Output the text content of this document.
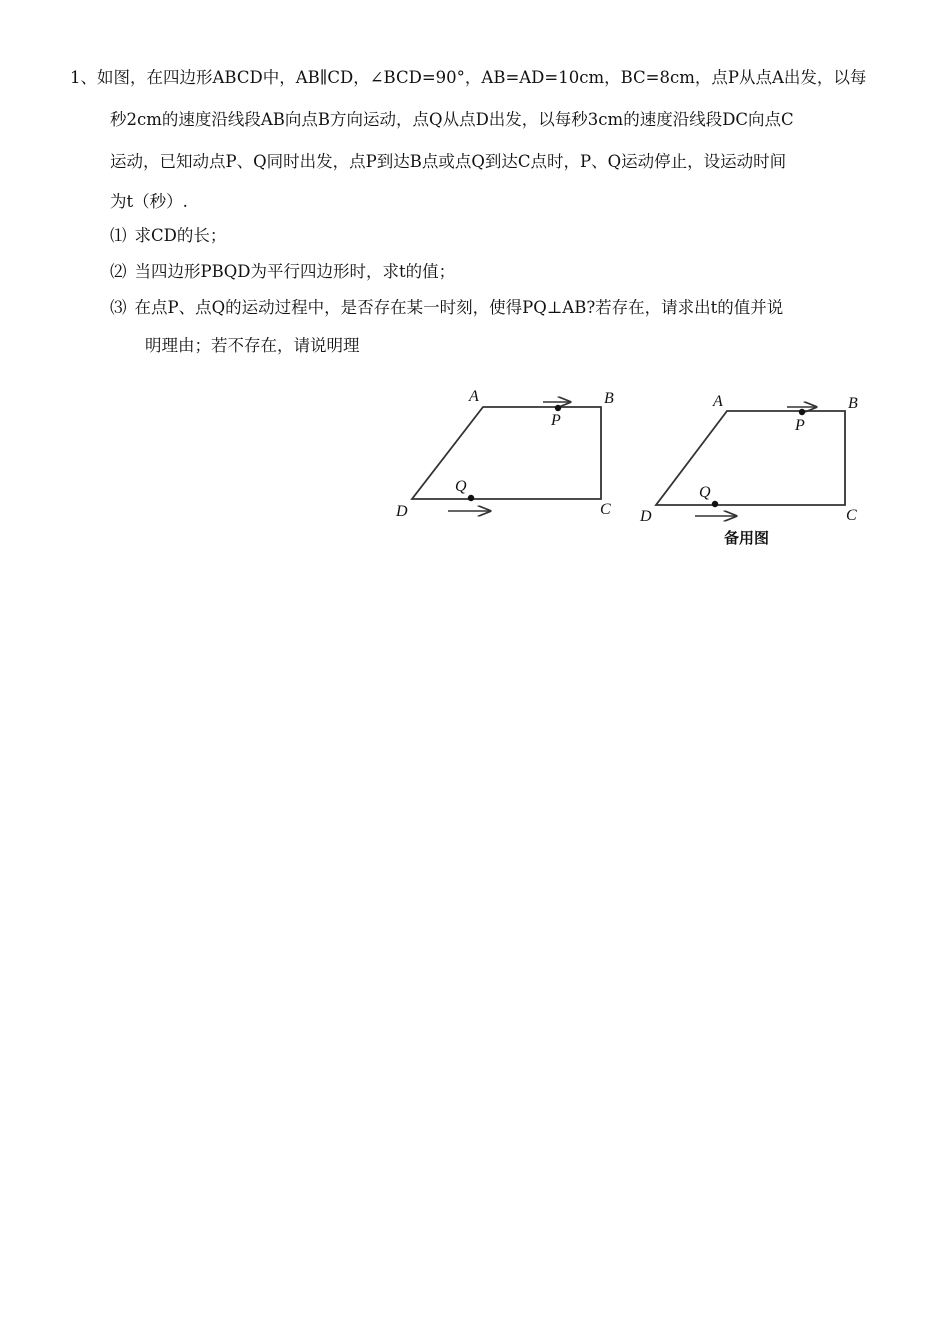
1、如图，在四边形ABCD中，AB∥CD，∠BCD=90°，AB=AD=10cm，BC=8cm，点P从点A出发，以每
秒2cm的速度沿线段AB向点B方向运动，点Q从点D出发，以每秒3cm的速度沿线段DC向点C
运动，已知动点P、Q同时出发，点P到达B点或点Q到达C点时，P、Q运动停止，设运动时间
为t（秒）.
⑴ 求CD的长；
⑵ 当四边形PBQD为平行四边形时，求t的值；
⑶ 在点P、点Q的运动过程中，是否存在某一时刻，使得PQ⊥AB?若存在，请求出t的值并说
明理由；若不存在，请说明理
A	B
C
D
P
Q
A	B
C
D
P
Q
备用图
